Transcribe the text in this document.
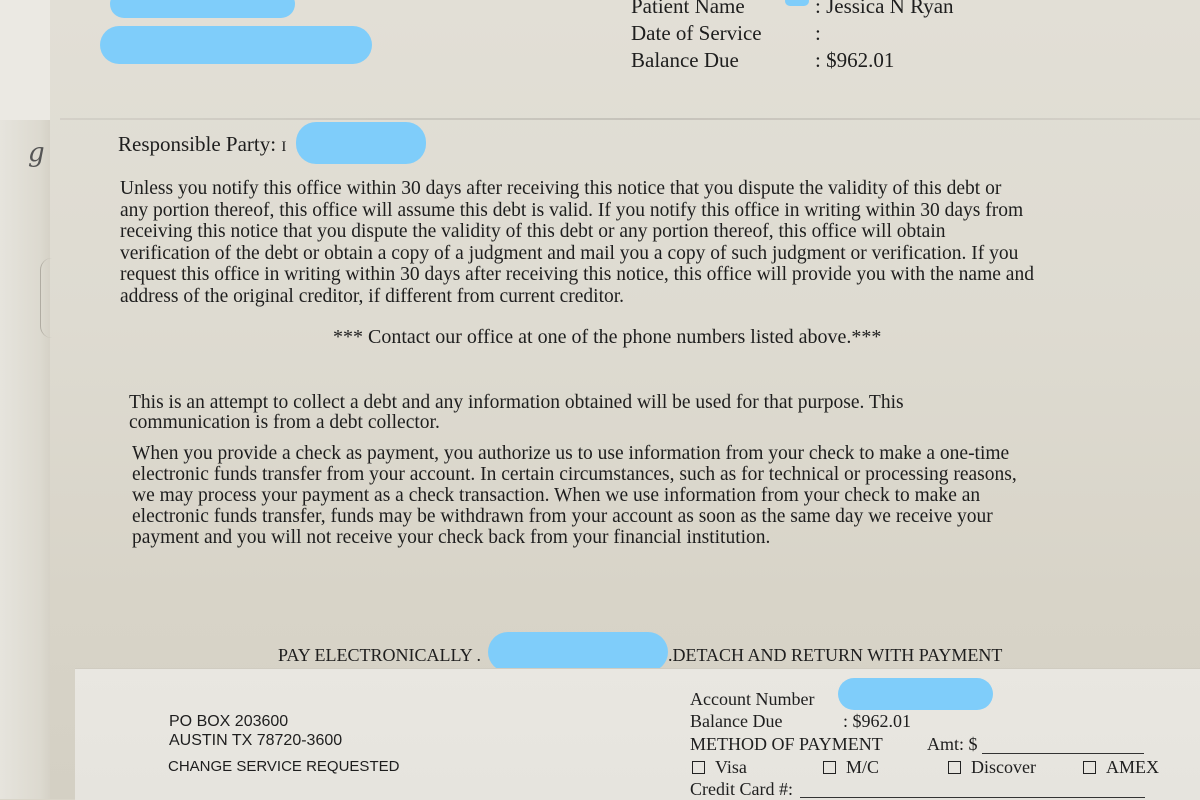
g
Patient Name	: Jessica N Ryan
Date of Service	:
Balance Due	: $962.01
Responsible Party: I
Unless you notify this office within 30 days after receiving this notice that you dispute the validity of this debt or
any portion thereof, this office will assume this debt is valid. If you notify this office in writing within 30 days from
receiving this notice that you dispute the validity of this debt or any portion thereof, this office will obtain
verification of the debt or obtain a copy of a judgment and mail you a copy of such judgment or verification. If you
request this office in writing within 30 days after receiving this notice, this office will provide you with the name and
address of the original creditor, if different from current creditor.
*** Contact our office at one of the phone numbers listed above.***
This is an attempt to collect a debt and any information obtained will be used for that purpose. This
communication is from a debt collector.
When you provide a check as payment, you authorize us to use information from your check to make a one-time
electronic funds transfer from your account. In certain circumstances, such as for technical or processing reasons,
we may process your payment as a check transaction. When we use information from your check to make an
electronic funds transfer, funds may be withdrawn from your account as soon as the same day we receive your
payment and you will not receive your check back from your financial institution.
PAY ELECTRONICALLY .	.DETACH AND RETURN WITH PAYMENT
PO BOX 203600
AUSTIN TX 78720-3600
CHANGE SERVICE REQUESTED
Account Number
Balance Due	: $962.01
METHOD OF PAYMENT Amt: $
Visa	M/C	Discover	AMEX
Credit Card #:
